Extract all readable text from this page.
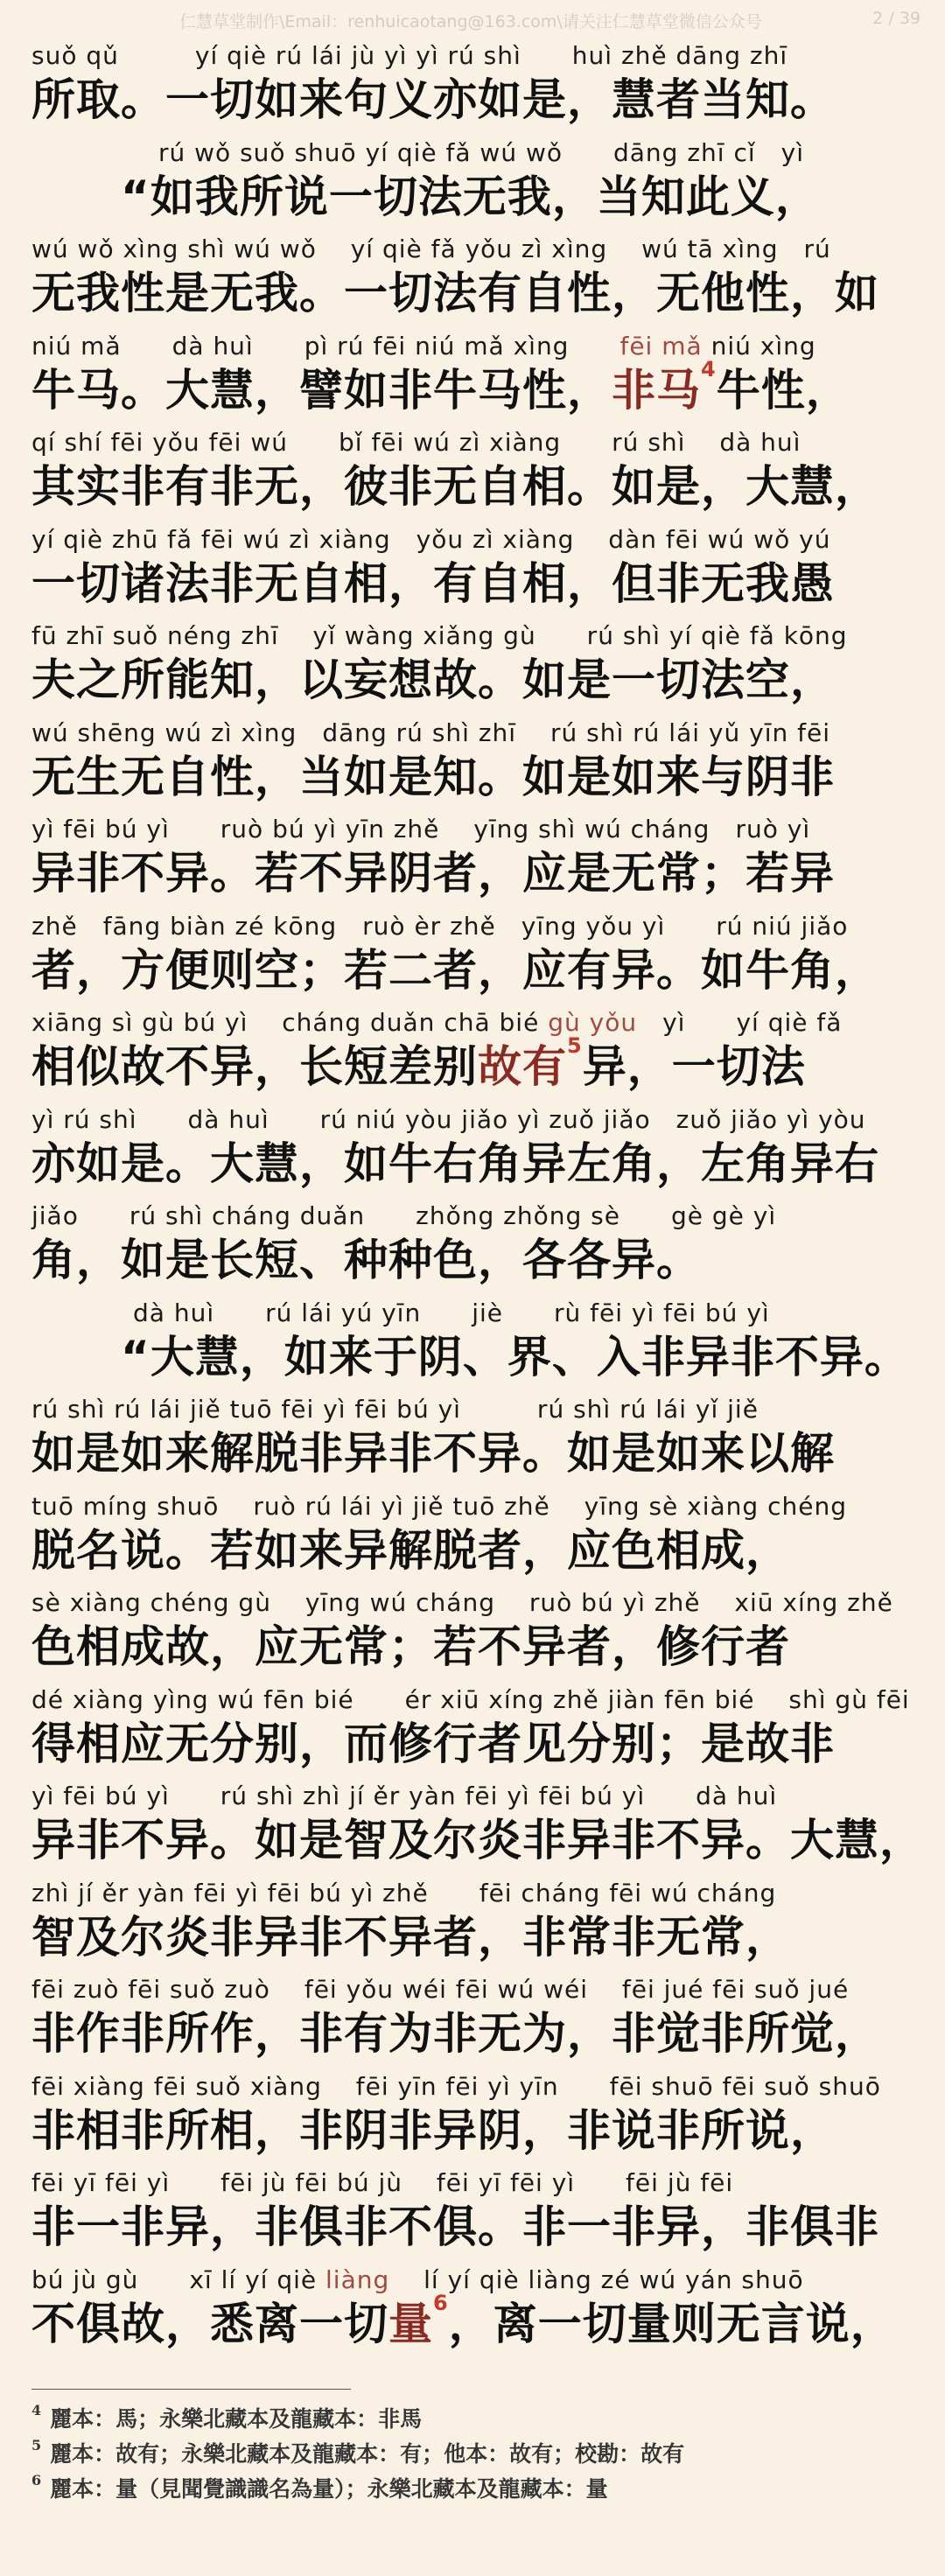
仁慧草堂制作\Email：renhuicaotang@163.com\请关注仁慧草堂微信公众号	2 / 39
suǒ qǔ　　　yí qiè rú lái jù yì yì rú shì　　huì zhě dāng zhī
所取。一切如来句义亦如是，慧者当知。
　　　　　rú wǒ suǒ shuō yí qiè fǎ wú wǒ　　dāng zhī cǐ　yì
　　“如我所说一切法无我，当知此义，
wú wǒ xìng shì wú wǒ　 yí qiè fǎ yǒu zì xìng　 wú tā xìng　rú
无我性是无我。一切法有自性，无他性，如
niú mǎ　　dà huì　　pì rú fēi niú mǎ xìng　　fēi mǎ niú xìng
牛马。大慧，譬如非牛马性，非马$^4$牛性，
qí shí fēi yǒu fēi wú　　bǐ fēi wú zì xiàng　　rú shì　 dà huì
其实非有非无，彼非无自相。如是，大慧，
yí qiè zhū fǎ fēi wú zì xiàng　yǒu zì xiàng　 dàn fēi wú wǒ yú
一切诸法非无自相，有自相，但非无我愚
fū zhī suǒ néng zhī　 yǐ wàng xiǎng gù　　rú shì yí qiè fǎ kōng
夫之所能知，以妄想故。如是一切法空，
wú shēng wú zì xìng　dāng rú shì zhī　 rú shì rú lái yǔ yīn fēi
无生无自性，当如是知。如是如来与阴非
yì fēi bú yì　　ruò bú yì yīn zhě　 yīng shì wú cháng　ruò yì
异非不异。若不异阴者，应是无常；若异
zhě　fāng biàn zé kōng　ruò èr zhě　yīng yǒu yì　　rú niú jiǎo
者，方便则空；若二者，应有异。如牛角，
xiāng sì gù bú yì　 cháng duǎn chā bié gù yǒu　yì　　yí qiè fǎ
相似故不异，长短差别故有$^5$异，一切法
yì rú shì　　dà huì　　rú niú yòu jiǎo yì zuǒ jiǎo　zuǒ jiǎo yì yòu
亦如是。大慧，如牛右角异左角，左角异右
jiǎo　　rú shì cháng duǎn　　zhǒng zhǒng sè　　gè gè yì
角，如是长短、种种色，各各异。
　　　　dà huì　　rú lái yú yīn　　jiè　　rù fēi yì fēi bú yì
　　“大慧，如来于阴、界、入非异非不异。
rú shì rú lái jiě tuō fēi yì fēi bú yì　　　rú shì rú lái yǐ jiě
如是如来解脱非异非不异。如是如来以解
tuō míng shuō　 ruò rú lái yì jiě tuō zhě　 yīng sè xiàng chéng
脱名说。若如来异解脱者，应色相成，
sè xiàng chéng gù　 yīng wú cháng　 ruò bú yì zhě　 xiū xíng zhě
色相成故，应无常；若不异者，修行者
dé xiàng yìng wú fēn bié　　ér xiū xíng zhě jiàn fēn bié　 shì gù fēi
得相应无分别，而修行者见分别；是故非
yì fēi bú yì　　rú shì zhì jí ěr yàn fēi yì fēi bú yì　　dà huì
异非不异。如是智及尔炎非异非不异。大慧，
zhì jí ěr yàn fēi yì fēi bú yì zhě　　fēi cháng fēi wú cháng
智及尔炎非异非不异者，非常非无常，
fēi zuò fēi suǒ zuò　 fēi yǒu wéi fēi wú wéi　 fēi jué fēi suǒ jué
非作非所作，非有为非无为，非觉非所觉，
fēi xiàng fēi suǒ xiàng　 fēi yīn fēi yì yīn　　fēi shuō fēi suǒ shuō
非相非所相，非阴非异阴，非说非所说，
fēi yī fēi yì　　fēi jù fēi bú jù　 fēi yī fēi yì　　fēi jù fēi
非一非异，非俱非不俱。非一非异，非俱非
bú jù gù　　xī lí yí qiè liàng　 lí yí qiè liàng zé wú yán shuō
不俱故，悉离一切量$^6$，离一切量则无言说，
$^4$ 麗本：馬；永樂北藏本及龍藏本：非馬
$^5$ 麗本：故有；永樂北藏本及龍藏本：有；他本：故有；校勘：故有
$^6$ 麗本：量（見聞覺識識名為量）；永樂北藏本及龍藏本：量
